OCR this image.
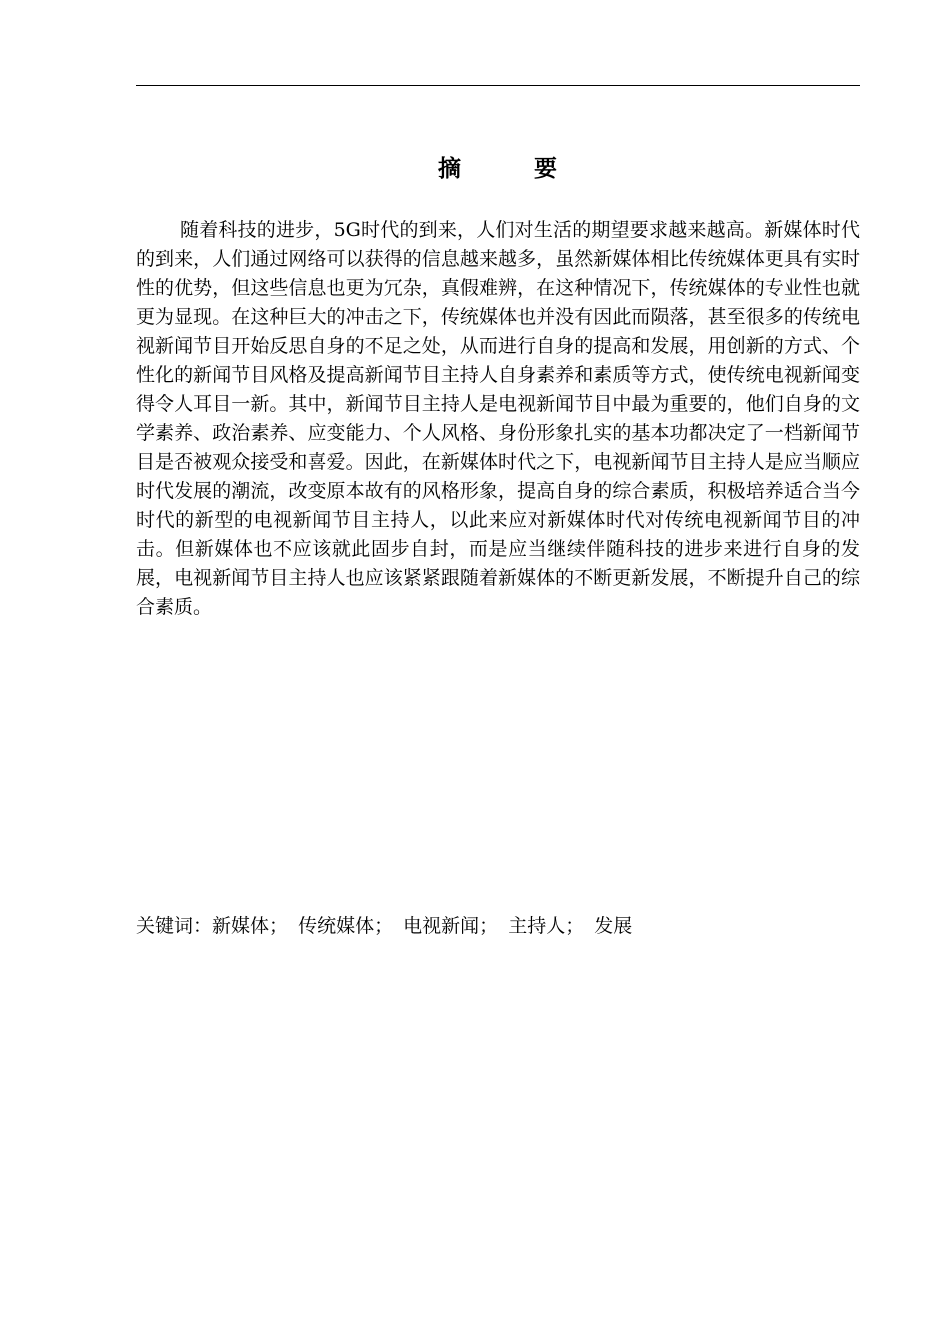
摘        要

随着科技的进步，5G时代的到来，人们对生活的期望要求越来越高。新媒体时代的到来，人们通过网络可以获得的信息越来越多，虽然新媒体相比传统媒体更具有实时性的优势，但这些信息也更为冗杂，真假难辨，在这种情况下，传统媒体的专业性也就更为显现。在这种巨大的冲击之下，传统媒体也并没有因此而陨落，甚至很多的传统电视新闻节目开始反思自身的不足之处，从而进行自身的提高和发展，用创新的方式、个性化的新闻节目风格及提高新闻节目主持人自身素养和素质等方式，使传统电视新闻变得令人耳目一新。其中，新闻节目主持人是电视新闻节目中最为重要的，他们自身的文学素养、政治素养、应变能力、个人风格、身份形象扎实的基本功都决定了一档新闻节目是否被观众接受和喜爱。因此，在新媒体时代之下，电视新闻节目主持人是应当顺应时代发展的潮流，改变原本故有的风格形象，提高自身的综合素质，积极培养适合当今时代的新型的电视新闻节目主持人，以此来应对新媒体时代对传统电视新闻节目的冲击。但新媒体也不应该就此固步自封，而是应当继续伴随科技的进步来进行自身的发展，电视新闻节目主持人也应该紧紧跟随着新媒体的不断更新发展，不断提升自己的综合素质。

关键词：新媒体； 传统媒体； 电视新闻； 主持人； 发展
